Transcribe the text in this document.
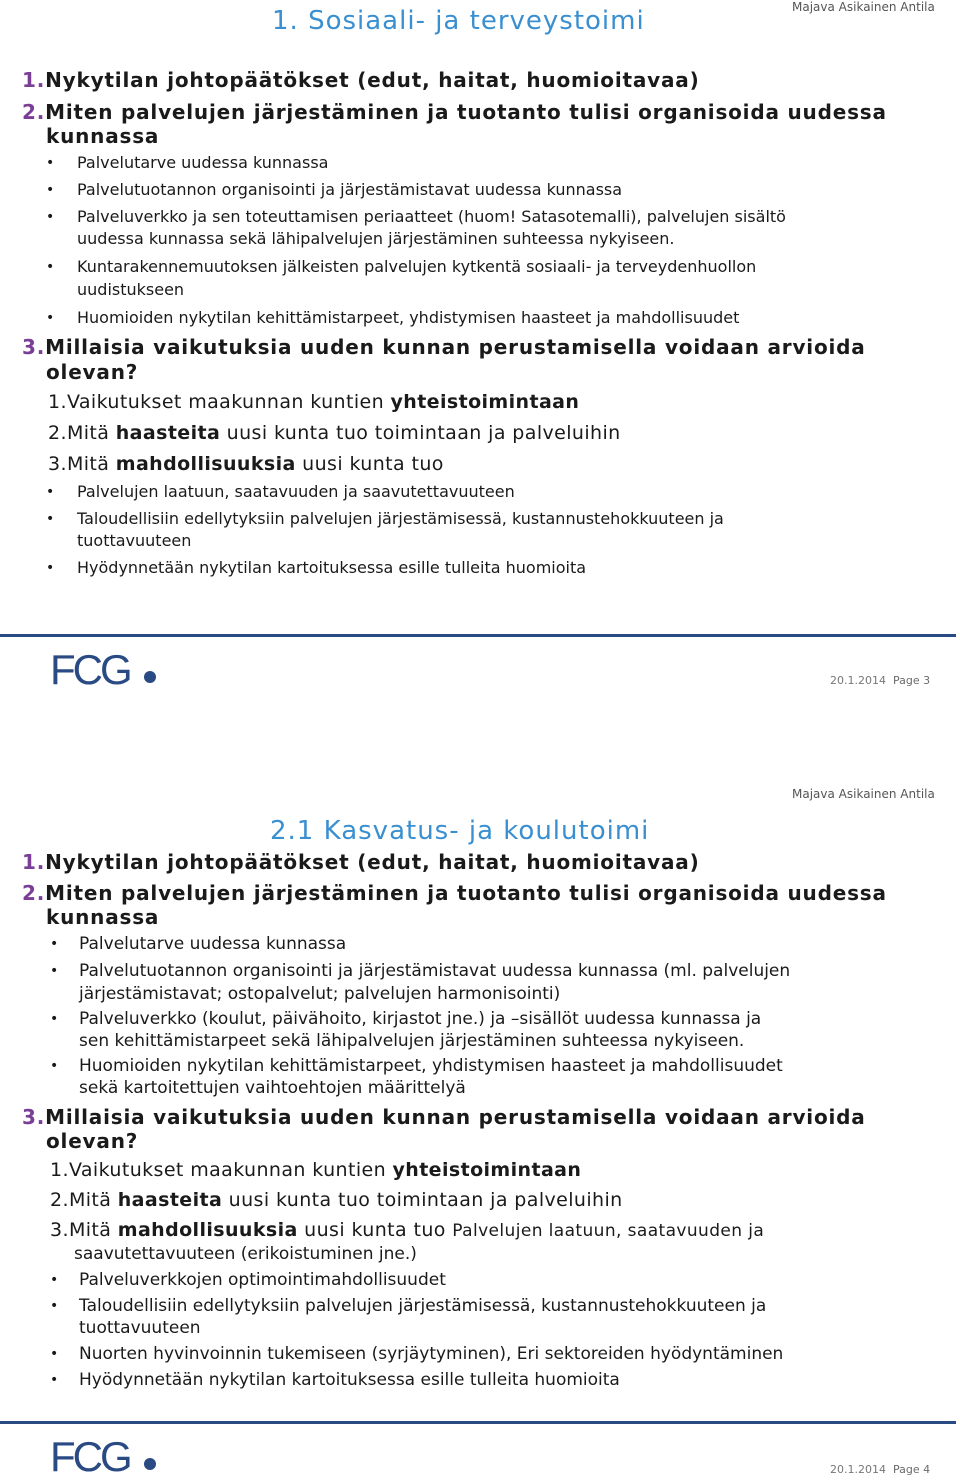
1. Sosiaali- ja terveystoimi	Majava Asikainen Antila
1.Nykytilan johtopäätökset (edut, haitat, huomioitavaa)
2.Miten palvelujen järjestäminen ja tuotanto tulisi organisoida uudessa
kunnassa
• Palvelutarve uudessa kunnassa
• Palvelutuotannon organisointi ja järjestämistavat uudessa kunnassa
• Palveluverkko ja sen toteuttamisen periaatteet (huom! Satasotemalli), palvelujen sisältö
uudessa kunnassa sekä lähipalvelujen järjestäminen suhteessa nykyiseen.
• Kuntarakennemuutoksen jälkeisten palvelujen kytkentä sosiaali- ja terveydenhuollon
uudistukseen
• Huomioiden nykytilan kehittämistarpeet, yhdistymisen haasteet ja mahdollisuudet
3.Millaisia vaikutuksia uuden kunnan perustamisella voidaan arvioida
olevan?
1.Vaikutukset maakunnan kuntien yhteistoimintaan
2.Mitä haasteita uusi kunta tuo toimintaan ja palveluihin
3.Mitä mahdollisuuksia uusi kunta tuo
• Palvelujen laatuun, saatavuuden ja saavutettavuuteen
• Taloudellisiin edellytyksiin palvelujen järjestämisessä, kustannustehokkuuteen ja
tuottavuuteen
• Hyödynnetään nykytilan kartoituksessa esille tulleita huomioita
FCG	20.1.2014 Page 3
Majava Asikainen Antila
2.1 Kasvatus- ja koulutoimi
1.Nykytilan johtopäätökset (edut, haitat, huomioitavaa)
2.Miten palvelujen järjestäminen ja tuotanto tulisi organisoida uudessa
kunnassa
• Palvelutarve uudessa kunnassa
• Palvelutuotannon organisointi ja järjestämistavat uudessa kunnassa (ml. palvelujen
järjestämistavat; ostopalvelut; palvelujen harmonisointi)
• Palveluverkko (koulut, päivähoito, kirjastot jne.) ja –sisällöt uudessa kunnassa ja
sen kehittämistarpeet sekä lähipalvelujen järjestäminen suhteessa nykyiseen.
• Huomioiden nykytilan kehittämistarpeet, yhdistymisen haasteet ja mahdollisuudet
sekä kartoitettujen vaihtoehtojen määrittelyä
3.Millaisia vaikutuksia uuden kunnan perustamisella voidaan arvioida
olevan?
1.Vaikutukset maakunnan kuntien yhteistoimintaan
2.Mitä haasteita uusi kunta tuo toimintaan ja palveluihin
3.Mitä mahdollisuuksia uusi kunta tuo Palvelujen laatuun, saatavuuden ja
saavutettavuuteen (erikoistuminen jne.)
• Palveluverkkojen optimointimahdollisuudet
• Taloudellisiin edellytyksiin palvelujen järjestämisessä, kustannustehokkuuteen ja
tuottavuuteen
• Nuorten hyvinvoinnin tukemiseen (syrjäytyminen), Eri sektoreiden hyödyntäminen
• Hyödynnetään nykytilan kartoituksessa esille tulleita huomioita
FCG	20.1.2014 Page 4
